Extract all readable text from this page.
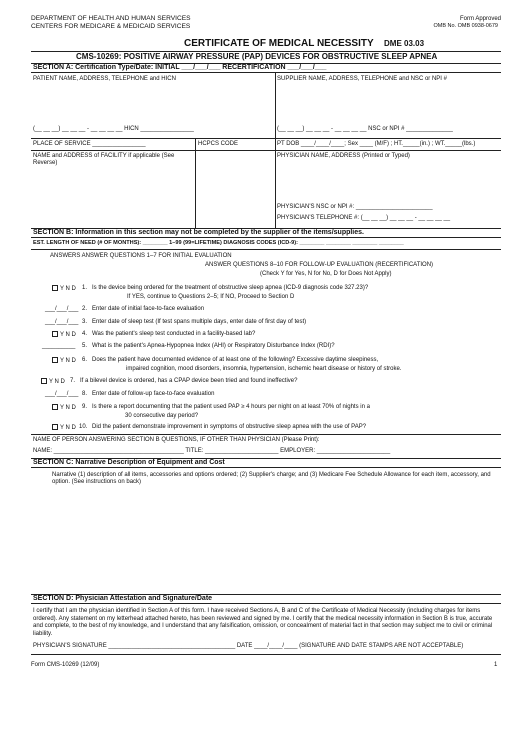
DEPARTMENT OF HEALTH AND HUMAN SERVICES
CENTERS FOR MEDICARE & MEDICAID SERVICES
Form Approved
OMB No. OMB 0938-0679
CERTIFICATE OF MEDICAL NECESSITY DME 03.03
CMS-10269: POSITIVE AIRWAY PRESSURE (PAP) DEVICES FOR OBSTRUCTIVE SLEEP APNEA
SECTION A: Certification Type/Date: INITIAL ___/___/___ RECERTIFICATION ___/___/___
PATIENT NAME, ADDRESS, TELEPHONE and HICN	SUPPLIER NAME, ADDRESS, TELEPHONE and NSC or NPI #
(__ __ __) __ __ __ - __ __ __ __ HICN ________________	(__ __ __) __ __ __ - __ __ __ __ NSC or NPI # ______________
PLACE OF SERVICE ________________	HCPCS CODE	PT DOB ____/____/____; Sex ____ (M/F) ; HT._____(in.) ; WT._____(lbs.)
NAME and ADDRESS of FACILITY if applicable (See Reverse)
PHYSICIAN NAME, ADDRESS (Printed or Typed)
PHYSICIAN'S NSC or NPI #: _______________________
PHYSICIAN'S TELEPHONE #: (__ __ __) __ __ __ - __ __ __ __
SECTION B: Information in this section may not be completed by the supplier of the items/supplies.
EST. LENGTH OF NEED (# OF MONTHS): ________ 1–99 (99=LIFETIME) DIAGNOSIS CODES (ICD-9): ________ ________ ________ ________
ANSWERS ANSWER QUESTIONS 1–7 FOR INITIAL EVALUATION
ANSWER QUESTIONS 8–10 FOR FOLLOW-UP EVALUATION (RECERTIFICATION)
(Check Y for Yes, N for No, D for Does Not Apply)
Y N D 1. Is the device being ordered for the treatment of obstructive sleep apnea (ICD-9 diagnosis code 327.23)?
If YES, continue to Questions 2–5; If NO, Proceed to Section D
___/___/___ 2. Enter date of initial face-to-face evaluation
___/___/___ 3. Enter date of sleep test (If test spans multiple days, enter date of first day of test)
Y N D 4. Was the patient's sleep test conducted in a facility-based lab?
__________ 5. What is the patient's Apnea-Hypopnea Index (AHI) or Respiratory Disturbance Index (RDI)?
Y N D 6. Does the patient have documented evidence of at least one of the following? Excessive daytime sleepiness,
impaired cognition, mood disorders, insomnia, hypertension, ischemic heart disease or history of stroke.
Y N D 7. If a bilevel device is ordered, has a CPAP device been tried and found ineffective?
___/___/___ 8. Enter date of follow-up face-to-face evaluation
Y N D 9. Is there a report documenting that the patient used PAP ≥ 4 hours per night on at least 70% of nights in a
30 consecutive day period?
Y N D 10. Did the patient demonstrate improvement in symptoms of obstructive sleep apnea with the use of PAP?
NAME OF PERSON ANSWERING SECTION B QUESTIONS, IF OTHER THAN PHYSICIAN (Please Print):
NAME: _______________________________________ TITLE: ______________________ EMPLOYER: ______________________
SECTION C: Narrative Description of Equipment and Cost
Narrative (1) description of all items, accessories and options ordered; (2) Supplier's charge; and (3) Medicare Fee Schedule Allowance for each item, accessory, and option. (See instructions on back)
SECTION D: Physician Attestation and Signature/Date
I certify that I am the physician identified in Section A of this form. I have received Sections A, B and C of the Certificate of Medical Necessity (including charges for items ordered). Any statement on my letterhead attached hereto, has been reviewed and signed by me. I certify that the medical necessity information in Section B is true, accurate and complete, to the best of my knowledge, and I understand that any falsification, omission, or concealment of material fact in that section may subject me to civil or criminal liability.
PHYSICIAN'S SIGNATURE ______________________________________ DATE ____/____/____ (SIGNATURE AND DATE STAMPS ARE NOT ACCEPTABLE)
Form CMS-10269 (12/09)	1
